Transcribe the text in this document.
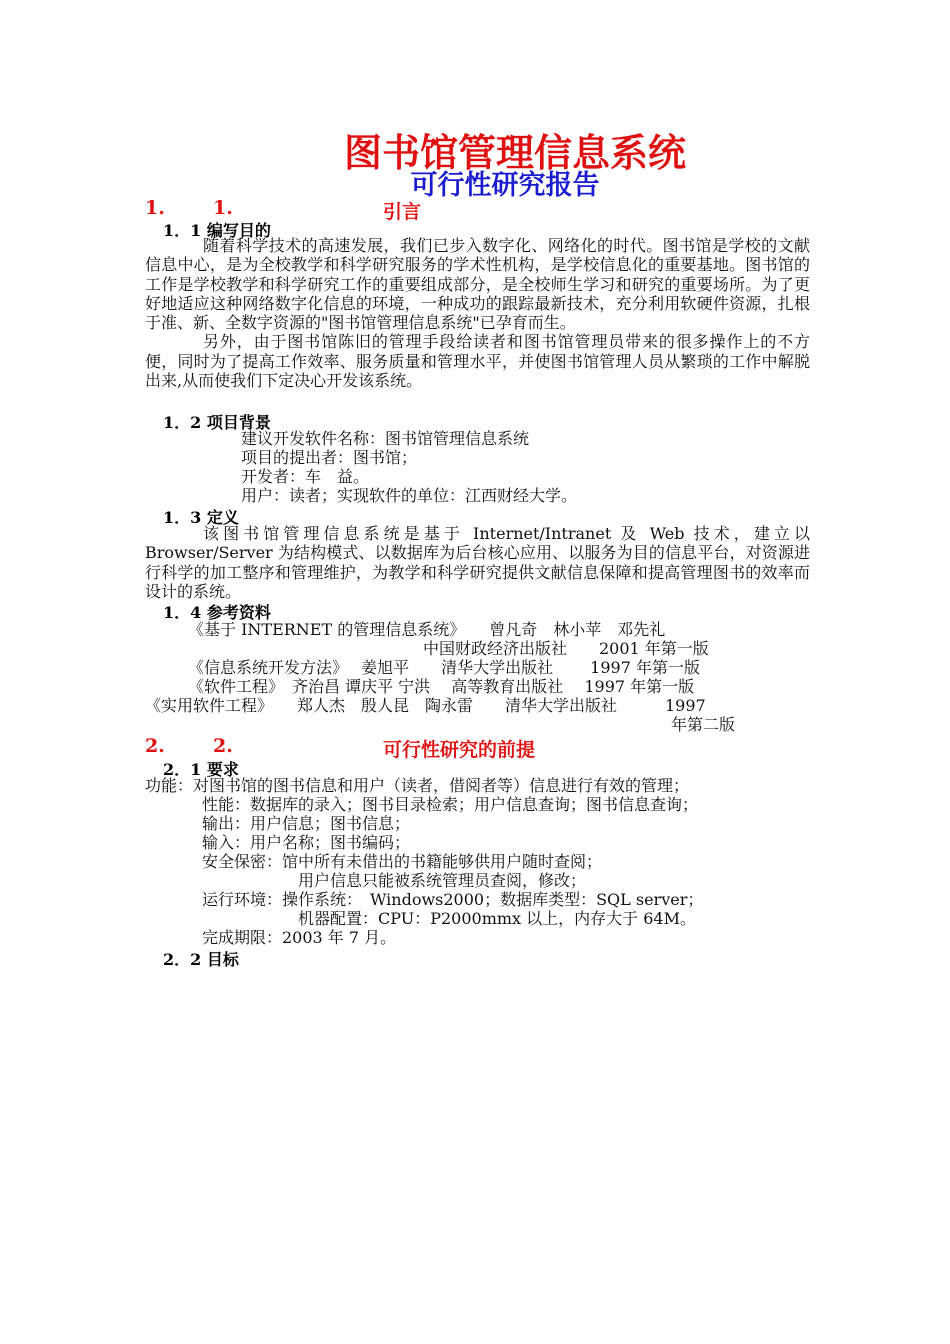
图书馆管理信息系统
可行性研究报告
1.	1.	引言
1．1 编写目的

随着科学技术的高速发展，我们已步入数字化、网络化的时代。图书馆是学校的文献信息中心，是为全校教学和科学研究服务的学术性机构，是学校信息化的重要基地。图书馆的工作是学校教学和科学研究工作的重要组成部分，是全校师生学习和研究的重要场所。为了更好地适应这种网络数字化信息的环境，一种成功的跟踪最新技术，充分利用软硬件资源，扎根于准、新、全数字资源的"图书馆管理信息系统"已孕育而生。

另外，由于图书馆陈旧的管理手段给读者和图书馆管理员带来的很多操作上的不方便，同时为了提高工作效率、服务质量和管理水平，并使图书馆管理人员从繁琐的工作中解脱出来,从而使我们下定决心开发该系统。

1．2 项目背景
建议开发软件名称：图书馆管理信息系统
项目的提出者：图书馆；
开发者：车　益。
用户：读者；实现软件的单位：江西财经大学。
1．3 定义

该图书馆管理信息系统是基于 Internet/Intranet 及 Web 技术，建立以 Browser/Server 为结构模式、以数据库为后台核心应用、以服务为目的信息平台，对资源进行科学的加工整序和管理维护，为教学和科学研究提供文献信息保障和提高管理图书的效率而设计的系统。

1．4 参考资料
《基于 INTERNET 的管理信息系统》　　曾凡奇　林小苹　邓先礼
中国财政经济出版社　　2001 年第一版
《信息系统开发方法》　 姜旭平　　清华大学出版社　　 1997 年第一版
《软件工程》　齐治昌 谭庆平 宁洪　 高等教育出版社　 1997 年第一版
《实用软件工程》　　郑人杰　殷人昆　陶永雷　　清华大学出版社　　　1997
年第二版
2.	2.	可行性研究的前提
2．1 要求
功能：对图书馆的图书信息和用户（读者，借阅者等）信息进行有效的管理；
性能：数据库的录入；图书目录检索；用户信息查询；图书信息查询；
输出：用户信息；图书信息；
输入：用户名称；图书编码；
安全保密：馆中所有未借出的书籍能够供用户随时查阅；
用户信息只能被系统管理员查阅，修改；
运行环境：操作系统：　Windows2000；数据库类型：SQL server；
机器配置：CPU：P2000mmx 以上，内存大于 64M。
完成期限：2003 年 7 月。
2．2 目标
